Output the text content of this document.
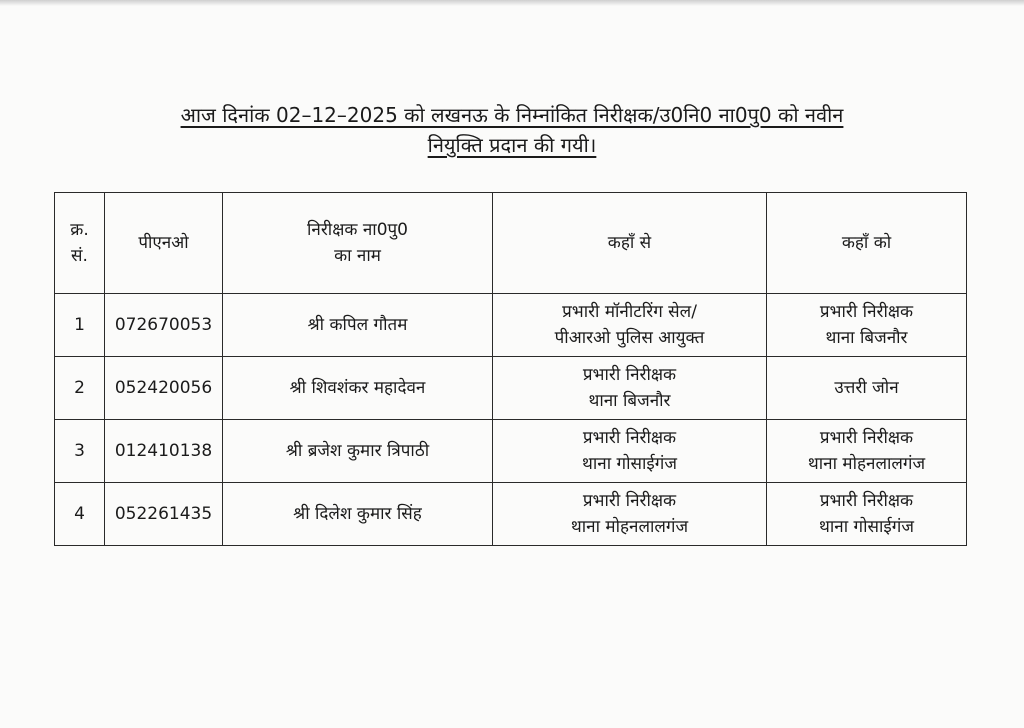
आज दिनांक 02–12–2025 को लखनऊ के निम्नांकित निरीक्षक/उ0नि0 ना0पु0 को नवीन
नियुक्ति प्रदान की गयी।
क्र.
सं.	पीएनओ	निरीक्षक ना0पु0
का नाम	कहाँ से	कहाँ को
1	072670053	श्री कपिल गौतम	प्रभारी मॉनीटरिंग सेल/
पीआरओ पुलिस आयुक्त	प्रभारी निरीक्षक
थाना बिजनौर

2	052420056	श्री शिवशंकर महादेवन	प्रभारी निरीक्षक
थाना बिजनौर	उत्तरी जोन

3	012410138	श्री ब्रजेश कुमार त्रिपाठी	प्रभारी निरीक्षक
थाना गोसाईगंज	प्रभारी निरीक्षक
थाना मोहनलालगंज

4	052261435	श्री दिलेश कुमार सिंह	प्रभारी निरीक्षक
थाना मोहनलालगंज	प्रभारी निरीक्षक
थाना गोसाईगंज
